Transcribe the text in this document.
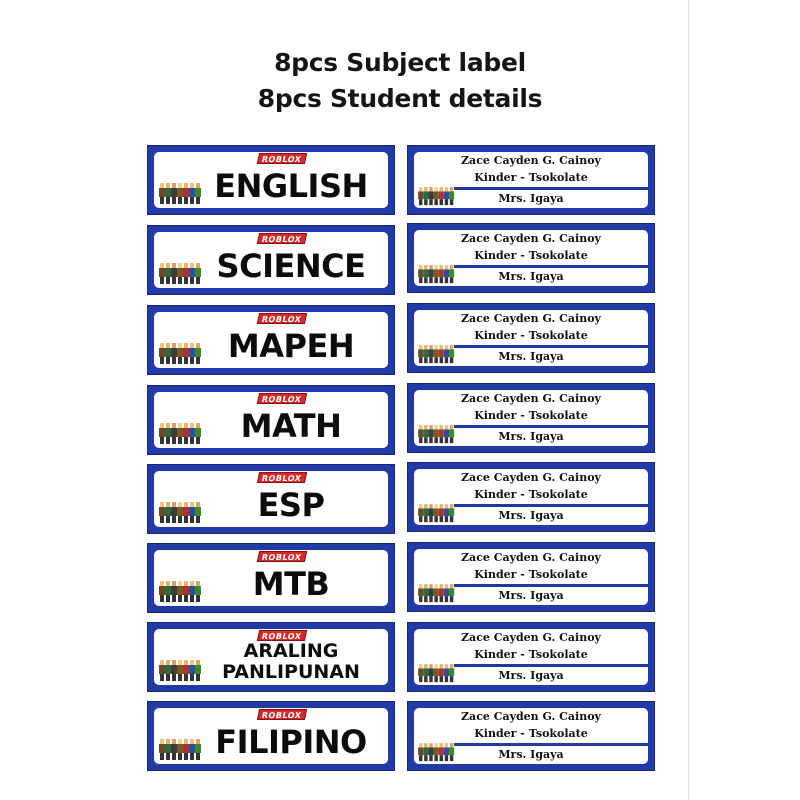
8pcs Subject label
8pcs Student details
ROBLOX
ENGLISH
ROBLOX
SCIENCE
ROBLOX
MAPEH
ROBLOX
MATH
ROBLOX
ESP
ROBLOX
MTB
ROBLOX
ARALING
PANLIPUNAN
ROBLOX
FILIPINO
Zace Cayden G. Cainoy
Kinder - Tsokolate
Mrs. Igaya
Zace Cayden G. Cainoy
Kinder - Tsokolate
Mrs. Igaya
Zace Cayden G. Cainoy
Kinder - Tsokolate
Mrs. Igaya
Zace Cayden G. Cainoy
Kinder - Tsokolate
Mrs. Igaya
Zace Cayden G. Cainoy
Kinder - Tsokolate
Mrs. Igaya
Zace Cayden G. Cainoy
Kinder - Tsokolate
Mrs. Igaya
Zace Cayden G. Cainoy
Kinder - Tsokolate
Mrs. Igaya
Zace Cayden G. Cainoy
Kinder - Tsokolate
Mrs. Igaya
